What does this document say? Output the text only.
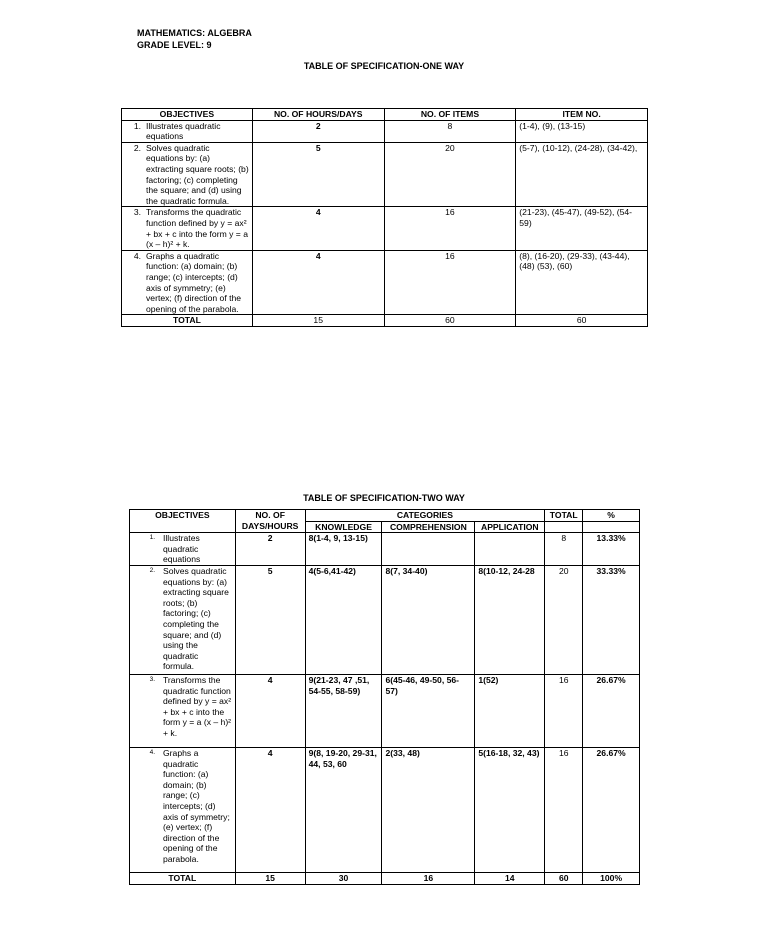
MATHEMATICS: ALGEBRA
GRADE LEVEL: 9
TABLE OF SPECIFICATION-ONE WAY
OBJECTIVES	NO. OF HOURS/DAYS	NO. OF ITEMS	ITEM NO.

1. Illustrates quadratic equations	2	8	(1-4), (9), (13-15)

2. Solves quadratic equations by: (a) extracting square roots; (b) factoring; (c) completing the square; and (d) using the quadratic formula.	5	20	(5-7), (10-12), (24-28), (34-42),

3. Transforms the quadratic function defined by y = ax² + bx + c into the form y = a (x – h)² + k.	4	16	(21-23), (45-47), (49-52), (54-59)

4. Graphs a quadratic function: (a) domain; (b) range; (c) intercepts; (d) axis of symmetry; (e) vertex; (f) direction of the opening of the parabola.	4	16	(8), (16-20), (29-33), (43-44), (48) (53), (60)
TOTAL	15	60	60
TABLE OF SPECIFICATION-TWO WAY
OBJECTIVES	NO. OF DAYS/HOURS	CATEGORIES			TOTAL	%
		KNOWLEDGE	COMPREHENSION	APPLICATION		

1. Illustrates quadratic equations	2	8(1-4, 9, 13-15)			8	13.33%

2. Solves quadratic equations by: (a) extracting square roots; (b) factoring; (c) completing the square; and (d) using the quadratic formula.	5	4(5-6,41-42)	8(7, 34-40)	8(10-12, 24-28	20	33.33%

3. Transforms the quadratic function defined by y = ax² + bx + c into the form y = a (x – h)² + k.	4	9(21-23, 47 ,51, 54-55, 58-59)	6(45-46, 49-50, 56-57)	1(52)	16	26.67%

4. Graphs a quadratic function: (a) domain; (b) range; (c) intercepts; (d) axis of symmetry; (e) vertex; (f) direction of the opening of the parabola.	4	9(8, 19-20, 29-31, 44, 53, 60	2(33, 48)	5(16-18, 32, 43)	16	26.67%
TOTAL	15	30	16	14	60	100%
